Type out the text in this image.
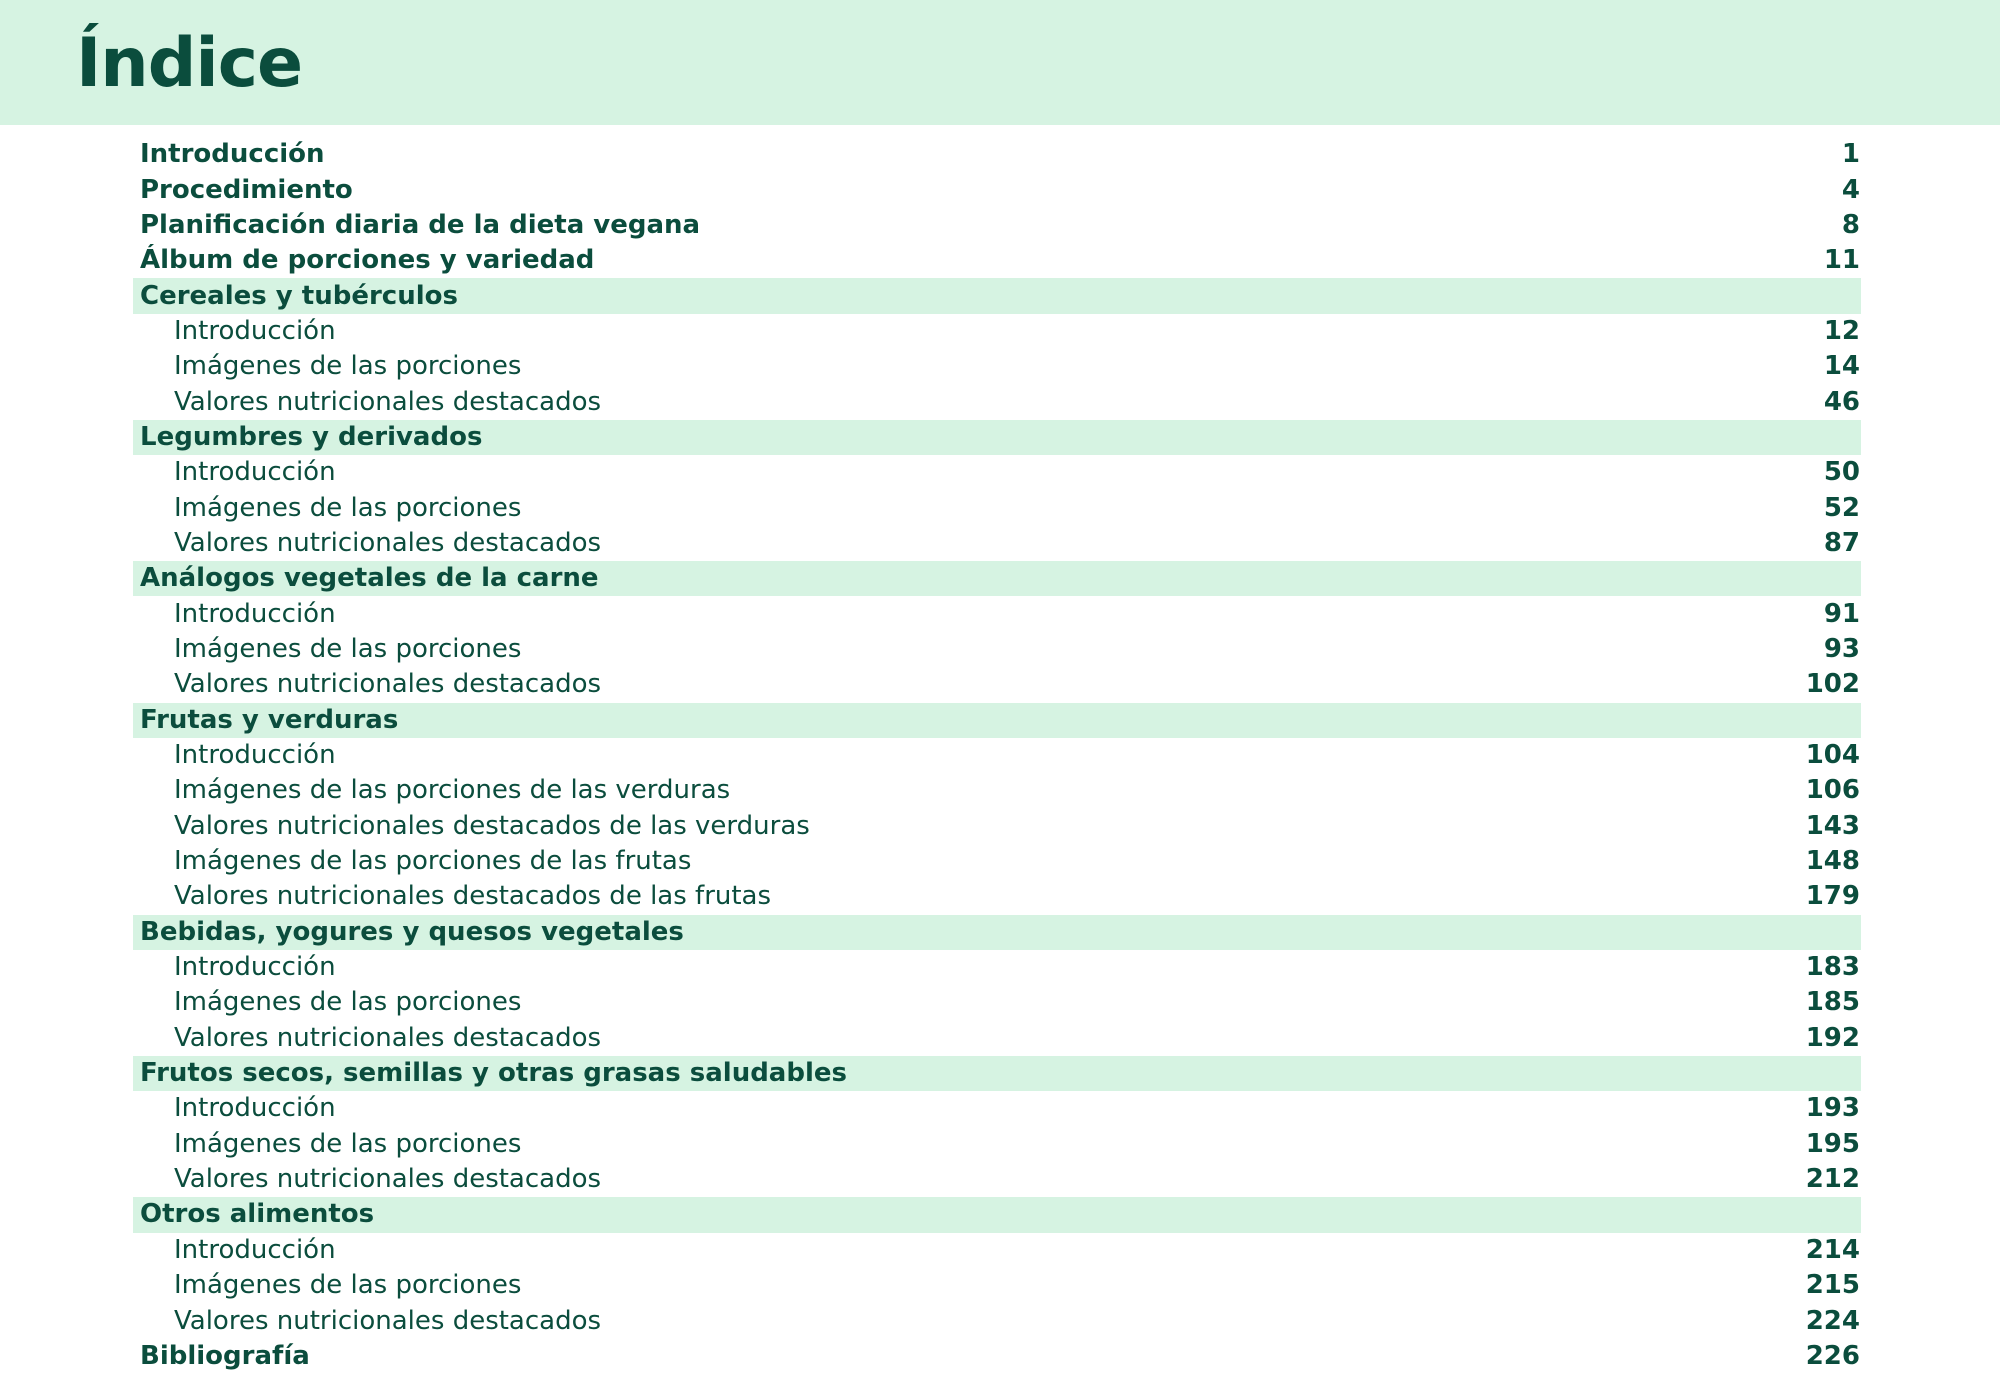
Índice
Introducción	1
Procedimiento	4
Planificación diaria de la dieta vegana	8
Álbum de porciones y variedad	11
Cereales y tubérculos
Introducción	12
Imágenes de las porciones	14
Valores nutricionales destacados	46
Legumbres y derivados
Introducción	50
Imágenes de las porciones	52
Valores nutricionales destacados	87
Análogos vegetales de la carne
Introducción	91
Imágenes de las porciones	93
Valores nutricionales destacados	102
Frutas y verduras
Introducción	104
Imágenes de las porciones de las verduras	106
Valores nutricionales destacados de las verduras	143
Imágenes de las porciones de las frutas	148
Valores nutricionales destacados de las frutas	179
Bebidas, yogures y quesos vegetales
Introducción	183
Imágenes de las porciones	185
Valores nutricionales destacados	192
Frutos secos, semillas y otras grasas saludables
Introducción	193
Imágenes de las porciones	195
Valores nutricionales destacados	212
Otros alimentos
Introducción	214
Imágenes de las porciones	215
Valores nutricionales destacados	224
Bibliografía	226
